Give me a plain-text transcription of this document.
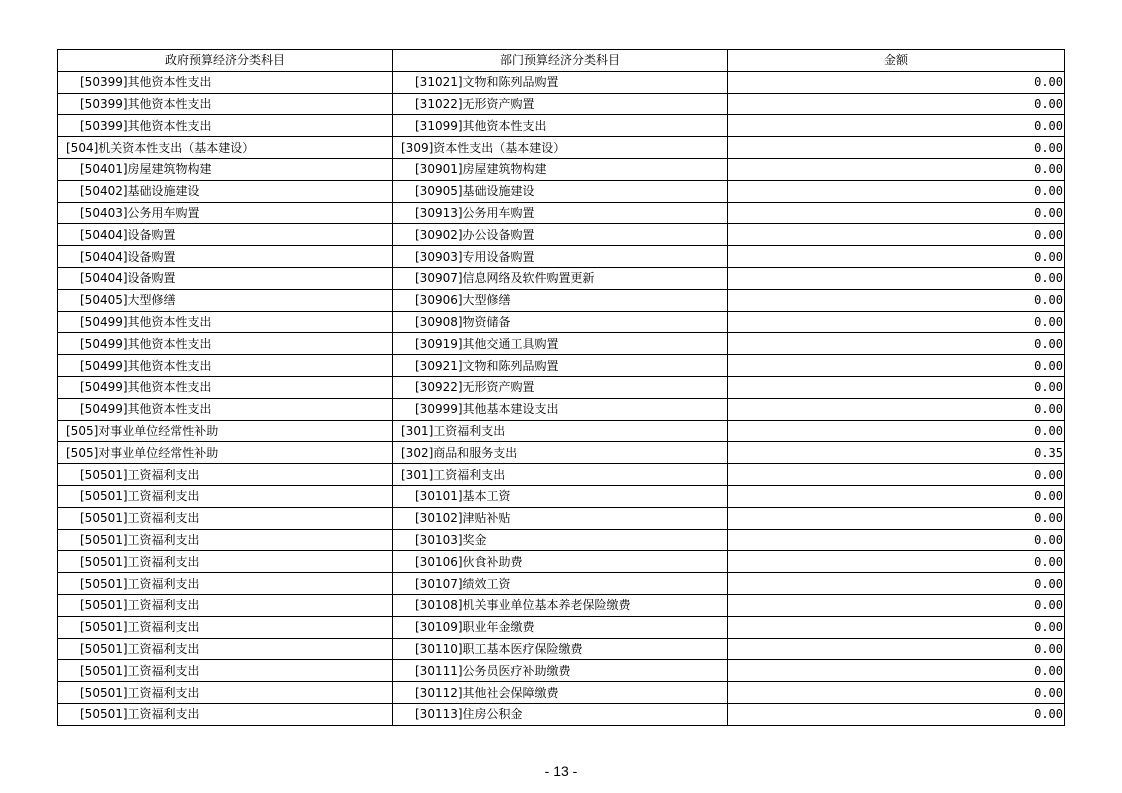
政府预算经济分类科目	部门预算经济分类科目	金额
[50399]其他资本性支出	[31021]文物和陈列品购置	0.00
[50399]其他资本性支出	[31022]无形资产购置	0.00
[50399]其他资本性支出	[31099]其他资本性支出	0.00
[504]机关资本性支出（基本建设）	[309]资本性支出（基本建设）	0.00
[50401]房屋建筑物构建	[30901]房屋建筑物构建	0.00
[50402]基础设施建设	[30905]基础设施建设	0.00
[50403]公务用车购置	[30913]公务用车购置	0.00
[50404]设备购置	[30902]办公设备购置	0.00
[50404]设备购置	[30903]专用设备购置	0.00
[50404]设备购置	[30907]信息网络及软件购置更新	0.00
[50405]大型修缮	[30906]大型修缮	0.00
[50499]其他资本性支出	[30908]物资储备	0.00
[50499]其他资本性支出	[30919]其他交通工具购置	0.00
[50499]其他资本性支出	[30921]文物和陈列品购置	0.00
[50499]其他资本性支出	[30922]无形资产购置	0.00
[50499]其他资本性支出	[30999]其他基本建设支出	0.00
[505]对事业单位经常性补助	[301]工资福利支出	0.00
[505]对事业单位经常性补助	[302]商品和服务支出	0.35
[50501]工资福利支出	[301]工资福利支出	0.00
[50501]工资福利支出	[30101]基本工资	0.00
[50501]工资福利支出	[30102]津贴补贴	0.00
[50501]工资福利支出	[30103]奖金	0.00
[50501]工资福利支出	[30106]伙食补助费	0.00
[50501]工资福利支出	[30107]绩效工资	0.00
[50501]工资福利支出	[30108]机关事业单位基本养老保险缴费	0.00
[50501]工资福利支出	[30109]职业年金缴费	0.00
[50501]工资福利支出	[30110]职工基本医疗保险缴费	0.00
[50501]工资福利支出	[30111]公务员医疗补助缴费	0.00
[50501]工资福利支出	[30112]其他社会保障缴费	0.00
[50501]工资福利支出	[30113]住房公积金	0.00
- 13 -
